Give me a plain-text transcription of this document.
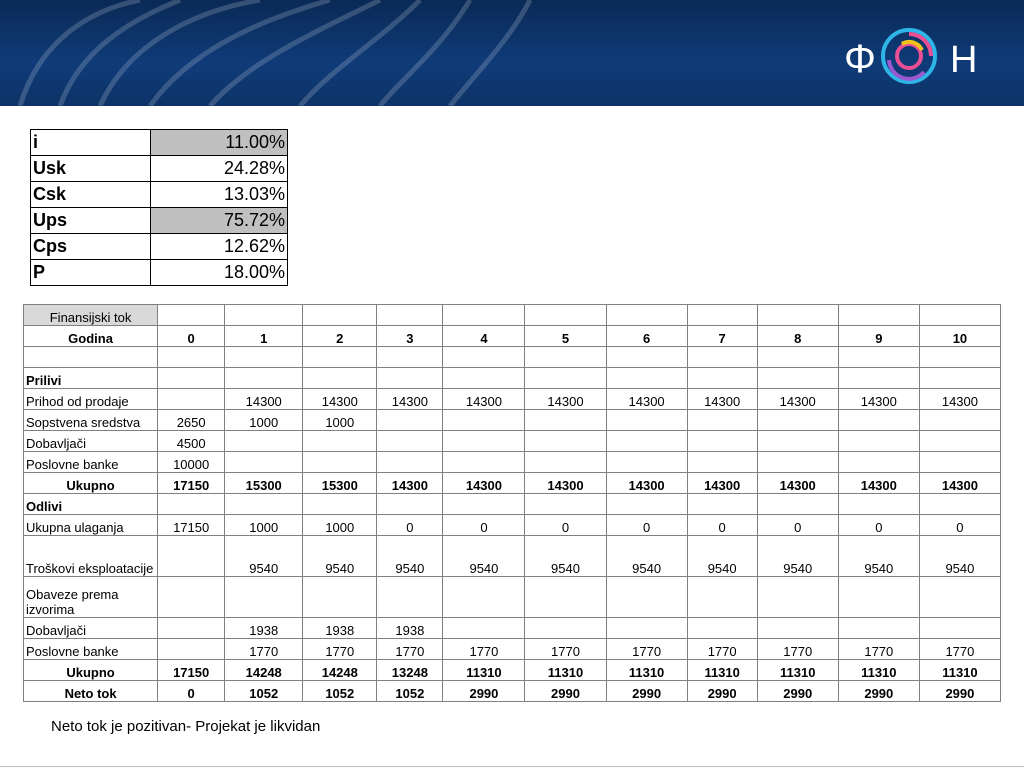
Φ H
i	11.00%
Usk	24.28%
Csk	13.03%
Ups	75.72%
Cps	12.62%
P	18.00%
Finansijski tok											
Godina	0	1	2	3	4	5	6	7	8	9	10

Prilivi											
Prihod od prodaje		14300	14300	14300	14300	14300	14300	14300	14300	14300	14300
Sopstvena sredstva	2650	1000	1000								
Dobavljači	4500										
Poslovne banke	10000										
Ukupno	17150	15300	15300	14300	14300	14300	14300	14300	14300	14300	14300
Odlivi											
Ukupna ulaganja	17150	1000	1000	0	0	0	0	0	0	0	0
Troškovi eksploatacije		9540	9540	9540	9540	9540	9540	9540	9540	9540	9540
Obaveze prema izvorima											
Dobavljači		1938	1938	1938							
Poslovne banke		1770	1770	1770	1770	1770	1770	1770	1770	1770	1770
Ukupno	17150	14248	14248	13248	11310	11310	11310	11310	11310	11310	11310
Neto tok	0	1052	1052	1052	2990	2990	2990	2990	2990	2990	2990
Neto tok je pozitivan- Projekat je likvidan
